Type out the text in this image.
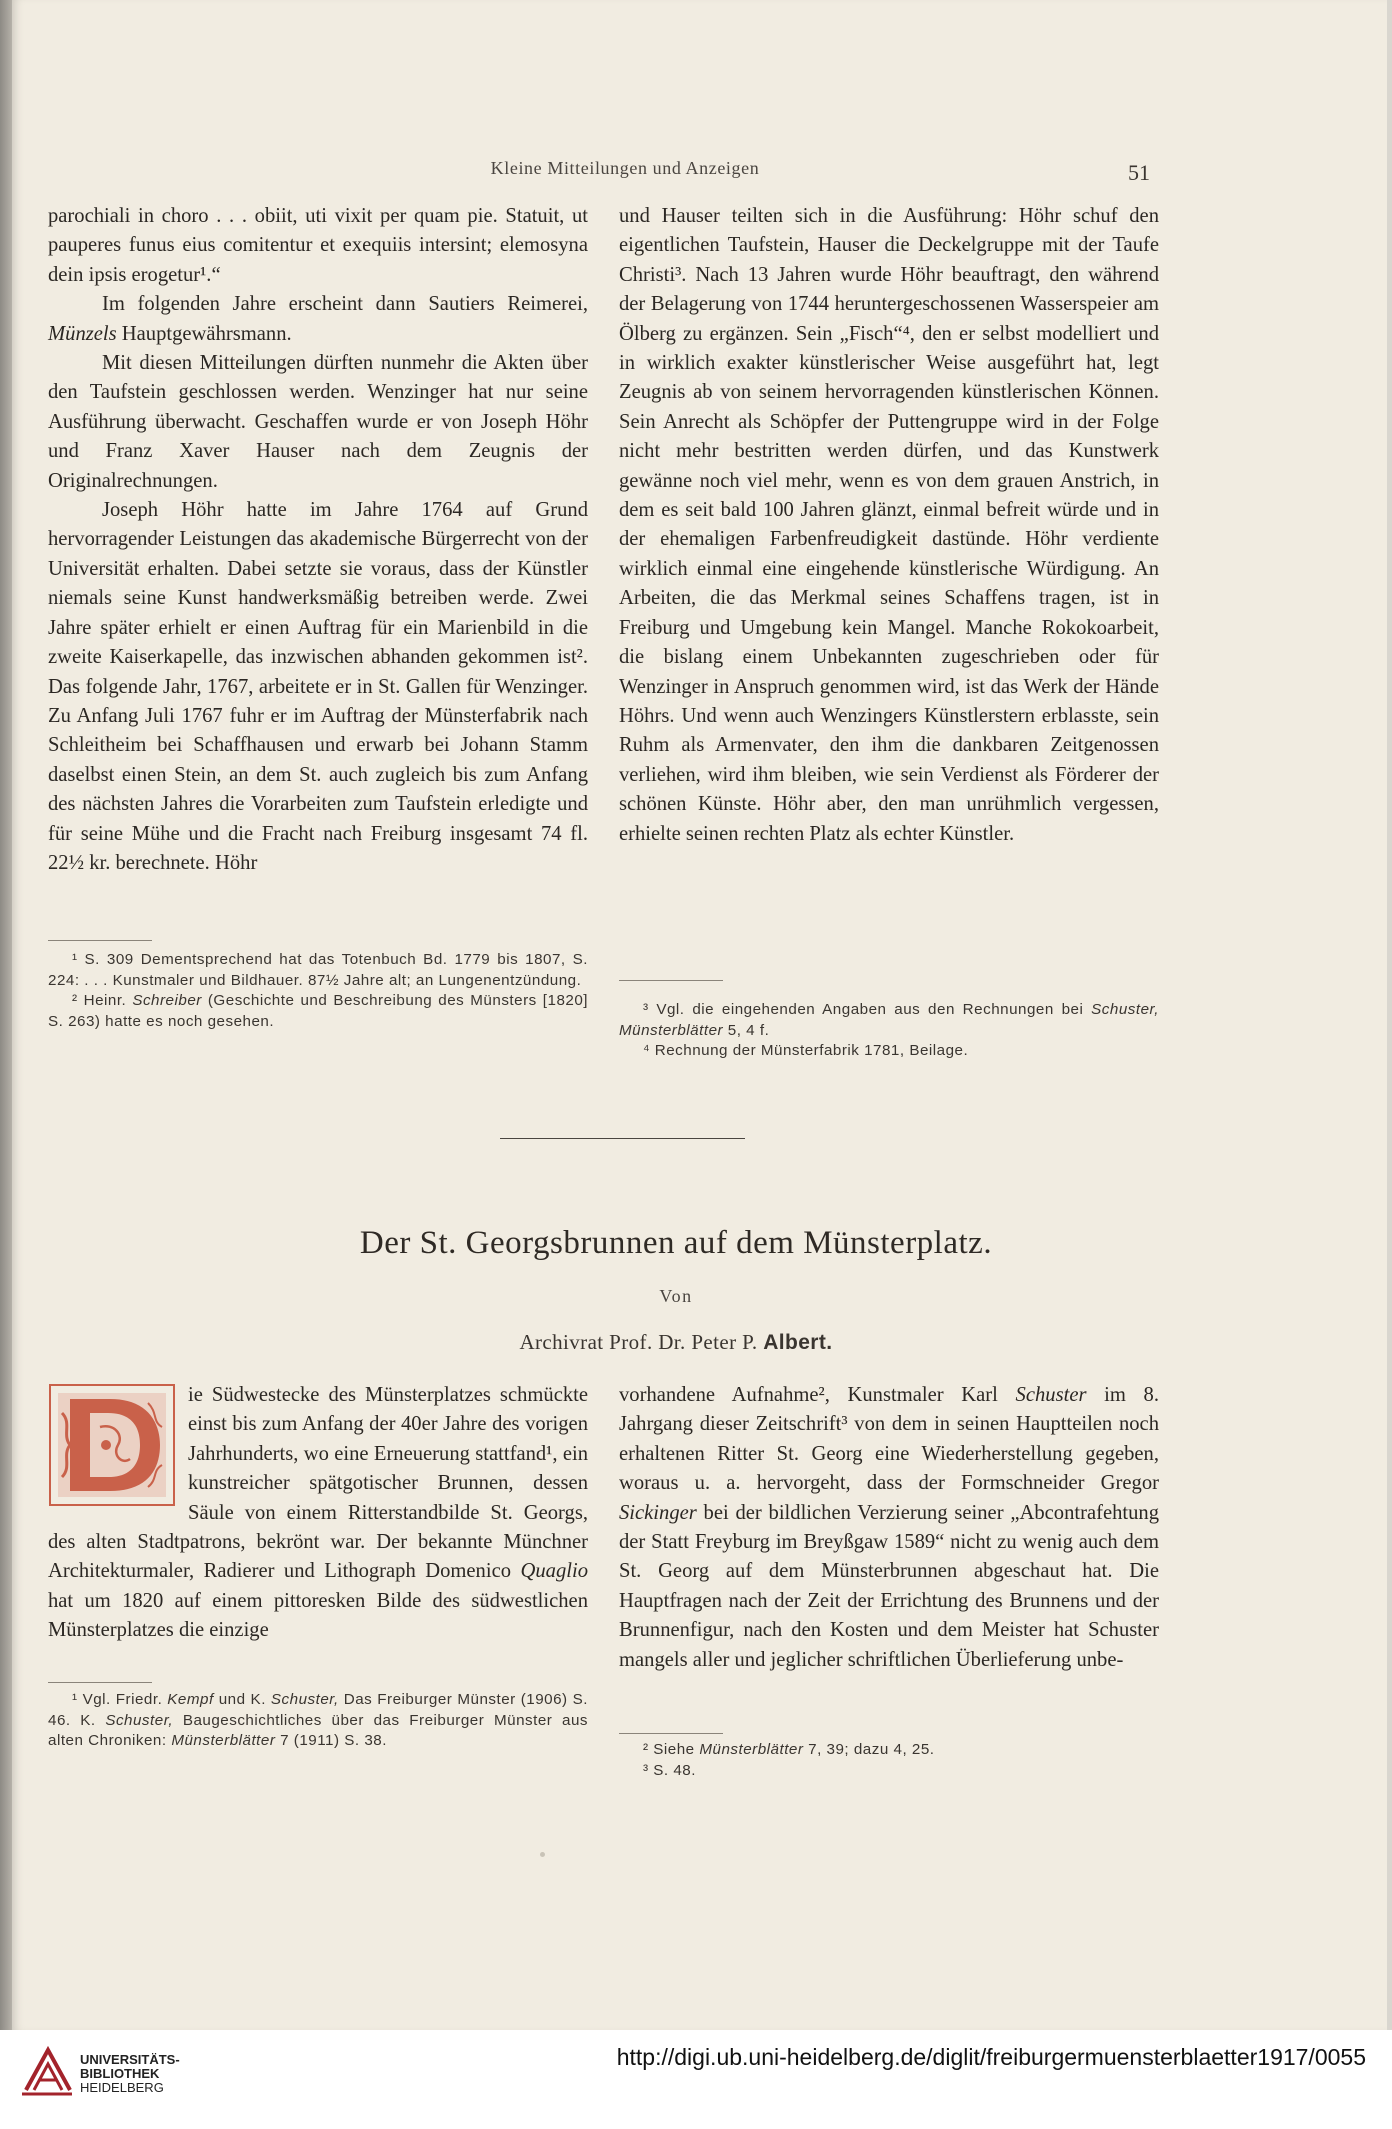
Kleine Mitteilungen und Anzeigen	51

parochiali in choro . . . obiit, uti vixit per quam pie. Statuit, ut pauperes funus eius comitentur et exequiis intersint; elemosyna dein ipsis erogetur¹.“

Im folgenden Jahre erscheint dann Sautiers Reimerei, Münzels Hauptgewährsmann.

Mit diesen Mitteilungen dürften nunmehr die Akten über den Taufstein geschlossen werden. Wenzinger hat nur seine Ausführung überwacht. Geschaffen wurde er von Joseph Höhr und Franz Xaver Hauser nach dem Zeugnis der Originalrechnungen.

Joseph Höhr hatte im Jahre 1764 auf Grund hervorragender Leistungen das akademische Bürgerrecht von der Universität erhalten. Dabei setzte sie voraus, dass der Künstler niemals seine Kunst handwerksmäßig betreiben werde. Zwei Jahre später erhielt er einen Auftrag für ein Marienbild in die zweite Kaiserkapelle, das inzwischen abhanden gekommen ist². Das folgende Jahr, 1767, arbeitete er in St. Gallen für Wenzinger. Zu Anfang Juli 1767 fuhr er im Auftrag der Münsterfabrik nach Schleitheim bei Schaffhausen und erwarb bei Johann Stamm daselbst einen Stein, an dem St. auch zugleich bis zum Anfang des nächsten Jahres die Vorarbeiten zum Taufstein erledigte und für seine Mühe und die Fracht nach Freiburg insgesamt 74 fl. 22½ kr. berechnete. Höhr

und Hauser teilten sich in die Ausführung: Höhr schuf den eigentlichen Taufstein, Hauser die Deckelgruppe mit der Taufe Christi³. Nach 13 Jahren wurde Höhr beauftragt, den während der Belagerung von 1744 heruntergeschossenen Wasserspeier am Ölberg zu ergänzen. Sein „Fisch“⁴, den er selbst modelliert und in wirklich exakter künstlerischer Weise ausgeführt hat, legt Zeugnis ab von seinem hervorragenden künstlerischen Können. Sein Anrecht als Schöpfer der Puttengruppe wird in der Folge nicht mehr bestritten werden dürfen, und das Kunstwerk gewänne noch viel mehr, wenn es von dem grauen Anstrich, in dem es seit bald 100 Jahren glänzt, einmal befreit würde und in der ehemaligen Farbenfreudigkeit dastünde. Höhr verdiente wirklich einmal eine eingehende künstlerische Würdigung. An Arbeiten, die das Merkmal seines Schaffens tragen, ist in Freiburg und Umgebung kein Mangel. Manche Rokokoarbeit, die bislang einem Unbekannten zugeschrieben oder für Wenzinger in Anspruch genommen wird, ist das Werk der Hände Höhrs. Und wenn auch Wenzingers Künstlerstern erblasste, sein Ruhm als Armenvater, den ihm die dankbaren Zeitgenossen verliehen, wird ihm bleiben, wie sein Verdienst als Förderer der schönen Künste. Höhr aber, den man unrühmlich vergessen, erhielte seinen rechten Platz als echter Künstler.

¹ S. 309 Dementsprechend hat das Totenbuch Bd. 1779 bis 1807, S. 224: . . . Kunstmaler und Bildhauer. 87½ Jahre alt; an Lungenentzündung.

² Heinr. Schreiber (Geschichte und Beschreibung des Münsters [1820] S. 263) hatte es noch gesehen.

³ Vgl. die eingehenden Angaben aus den Rechnungen bei Schuster, Münsterblätter 5, 4 f.

⁴ Rechnung der Münsterfabrik 1781, Beilage.

Der St. Georgsbrunnen auf dem Münsterplatz.
Von
Archivrat Prof. Dr. Peter P. Albert.

ie Südwestecke des Münsterplatzes schmückte einst bis zum Anfang der 40er Jahre des vorigen Jahrhunderts, wo eine Erneuerung stattfand¹, ein kunstreicher spätgotischer Brunnen, dessen Säule von einem Ritterstandbilde St. Georgs, des alten Stadtpatrons, bekrönt war. Der bekannte Münchner Architekturmaler, Radierer und Lithograph Domenico Quaglio hat um 1820 auf einem pittoresken Bilde des südwestlichen Münsterplatzes die einzige

vorhandene Aufnahme², Kunstmaler Karl Schuster im 8. Jahrgang dieser Zeitschrift³ von dem in seinen Hauptteilen noch erhaltenen Ritter St. Georg eine Wiederherstellung gegeben, woraus u. a. hervorgeht, dass der Formschneider Gregor Sickinger bei der bildlichen Verzierung seiner „Abcontrafehtung der Statt Freyburg im Breyßgaw 1589“ nicht zu wenig auch dem St. Georg auf dem Münsterbrunnen abgeschaut hat. Die Hauptfragen nach der Zeit der Errichtung des Brunnens und der Brunnenfigur, nach den Kosten und dem Meister hat Schuster mangels aller und jeglicher schriftlichen Überlieferung unbe-

¹ Vgl. Friedr. Kempf und K. Schuster, Das Freiburger Münster (1906) S. 46. K. Schuster, Baugeschichtliches über das Freiburger Münster aus alten Chroniken: Münsterblätter 7 (1911) S. 38.

² Siehe Münsterblätter 7, 39; dazu 4, 25.

³ S. 48.

UNIVERSITÄTS-
BIBLIOTHEK
HEIDELBERG
http://digi.ub.uni-heidelberg.de/diglit/freiburgermuensterblaetter1917/0055
